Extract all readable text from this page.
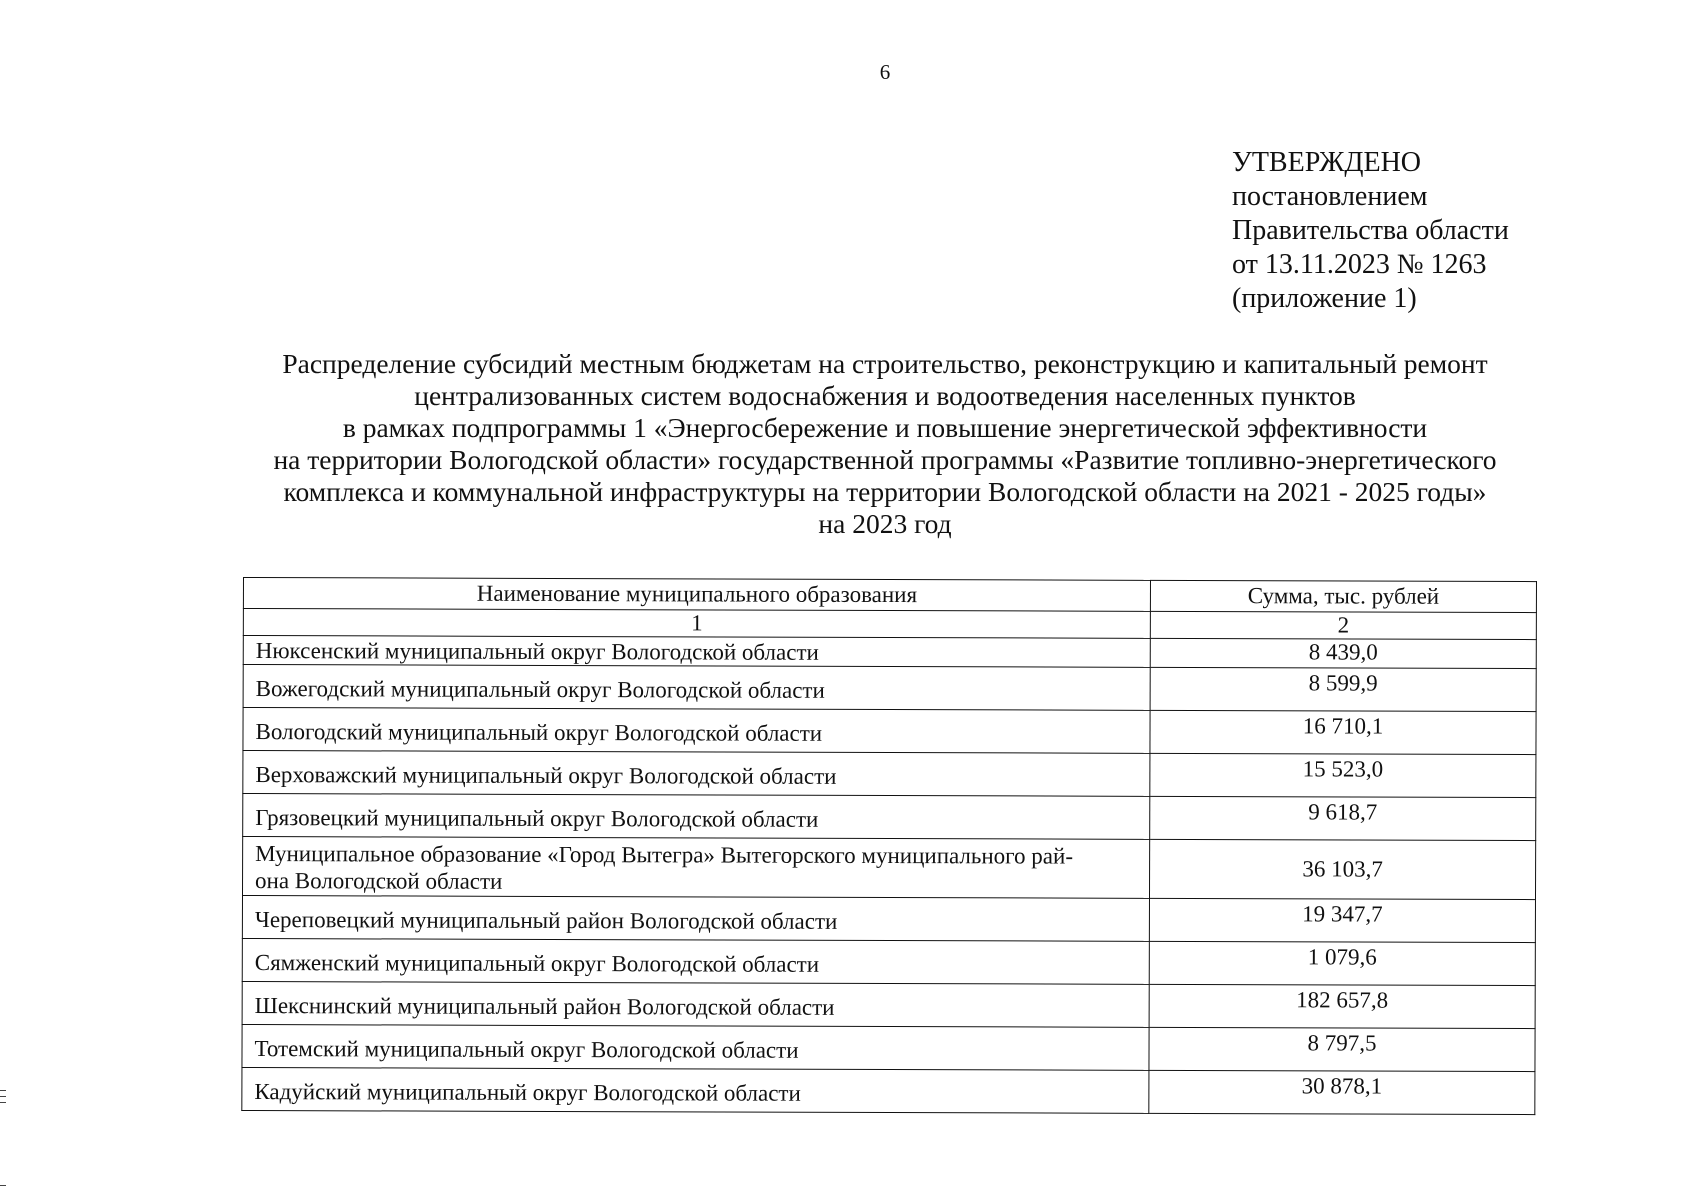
6
УТВЕРЖДЕНО
постановлением
Правительства области
от 13.11.2023 № 1263
(приложение 1)
Распределение субсидий местным бюджетам на строительство, реконструкцию и капитальный ремонт
централизованных систем водоснабжения и водоотведения населенных пунктов
в рамках подпрограммы 1 «Энергосбережение и повышение энергетической эффективности
на территории Вологодской области» государственной программы «Развитие топливно-энергетического
комплекса и коммунальной инфраструктуры на территории Вологодской области на 2021 - 2025 годы»
на 2023 год
Наименование муниципального образования	Сумма, тыс. рублей
1	2
Нюксенский муниципальный округ Вологодской области	8 439,0
Вожегодский муниципальный округ Вологодской области	8 599,9
Вологодский муниципальный округ Вологодской области	16 710,1
Верховажский муниципальный округ Вологодской области	15 523,0
Грязовецкий муниципальный округ Вологодской области	9 618,7

Муниципальное образование «Город Вытегра» Вытегорского муниципального рай-
она Вологодской области	36 103,7
Череповецкий муниципальный район Вологодской области	19 347,7
Сямженский муниципальный округ Вологодской области	1 079,6
Шекснинский муниципальный район Вологодской области	182 657,8
Тотемский муниципальный округ Вологодской области	8 797,5
Кадуйский муниципальный округ Вологодской области	30 878,1
